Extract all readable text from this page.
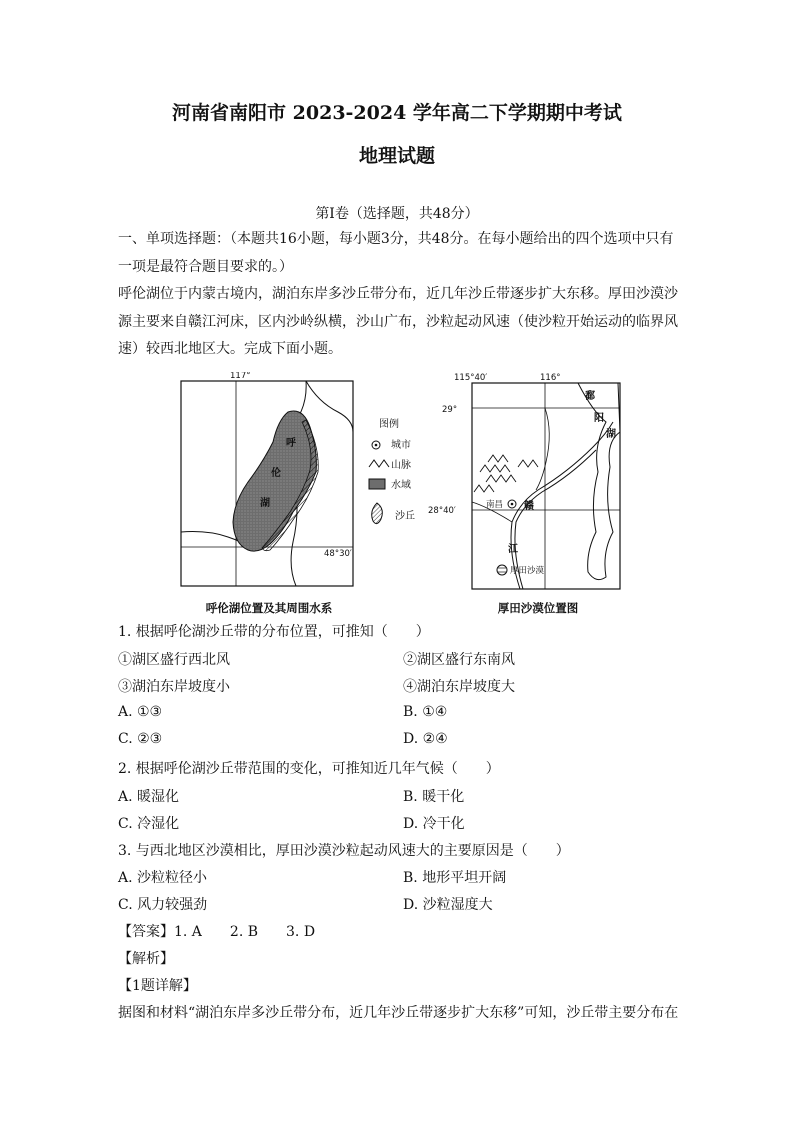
河南省南阳市 2023-2024 学年高二下学期期中考试
地理试题
第I卷（选择题，共48分）
一、单项选择题：（本题共16小题，每小题3分，共48分。在每小题给出的四个选项中只有一项是最符合题目要求的。）
呼伦湖位于内蒙古境内，湖泊东岸多沙丘带分布，近几年沙丘带逐步扩大东移。厚田沙漠沙源主要来自赣江河床，区内沙岭纵横，沙山广布，沙粒起动风速（使沙粒开始运动的临界风速）较西北地区大。完成下面小题。
117°
48°30′
呼
伦
湖
呼伦湖位置及其周围水系
图例
城市
山脉
水域
沙丘
115°40′	116°
29°
28°40′
南昌 赣
江
鄱
阳
湖
厚田沙漠
厚田沙漠位置图
1. 根据呼伦湖沙丘带的分布位置，可推知（　　）
①湖区盛行西北风	②湖区盛行东南风
③湖泊东岸坡度小	④湖泊东岸坡度大
A. ①③	B. ①④
C. ②③	D. ②④
2. 根据呼伦湖沙丘带范围的变化，可推知近几年气候（　　）
A. 暖湿化	B. 暖干化
C. 冷湿化	D. 冷干化
3. 与西北地区沙漠相比，厚田沙漠沙粒起动风速大的主要原因是（　　）
A. 沙粒粒径小	B. 地形平坦开阔
C. 风力较强劲	D. 沙粒湿度大
【答案】1. A　　2. B　　3. D
【解析】
【1题详解】
据图和材料“湖泊东岸多沙丘带分布，近几年沙丘带逐步扩大东移”可知，沙丘带主要分布在
